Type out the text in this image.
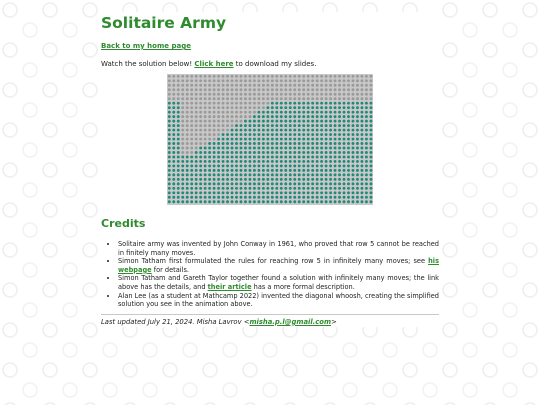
Solitaire Army
Back to my home page
Watch the solution below! Click here to download my slides.
Credits
• Solitaire army was invented by John Conway in 1961, who proved that row 5 cannot be reached in finitely many moves.
• Simon Tatham first formulated the rules for reaching row 5 in infinitely many moves; see his webpage for details.
• Simon Tatham and Gareth Taylor together found a solution with infinitely many moves; the link above has the details, and their article has a more formal description.
• Alan Lee (as a student at Mathcamp 2022) invented the diagonal whoosh, creating the simplified solution you see in the animation above.
Last updated July 21, 2024. Misha Lavrov <misha.p.l@gmail.com>
